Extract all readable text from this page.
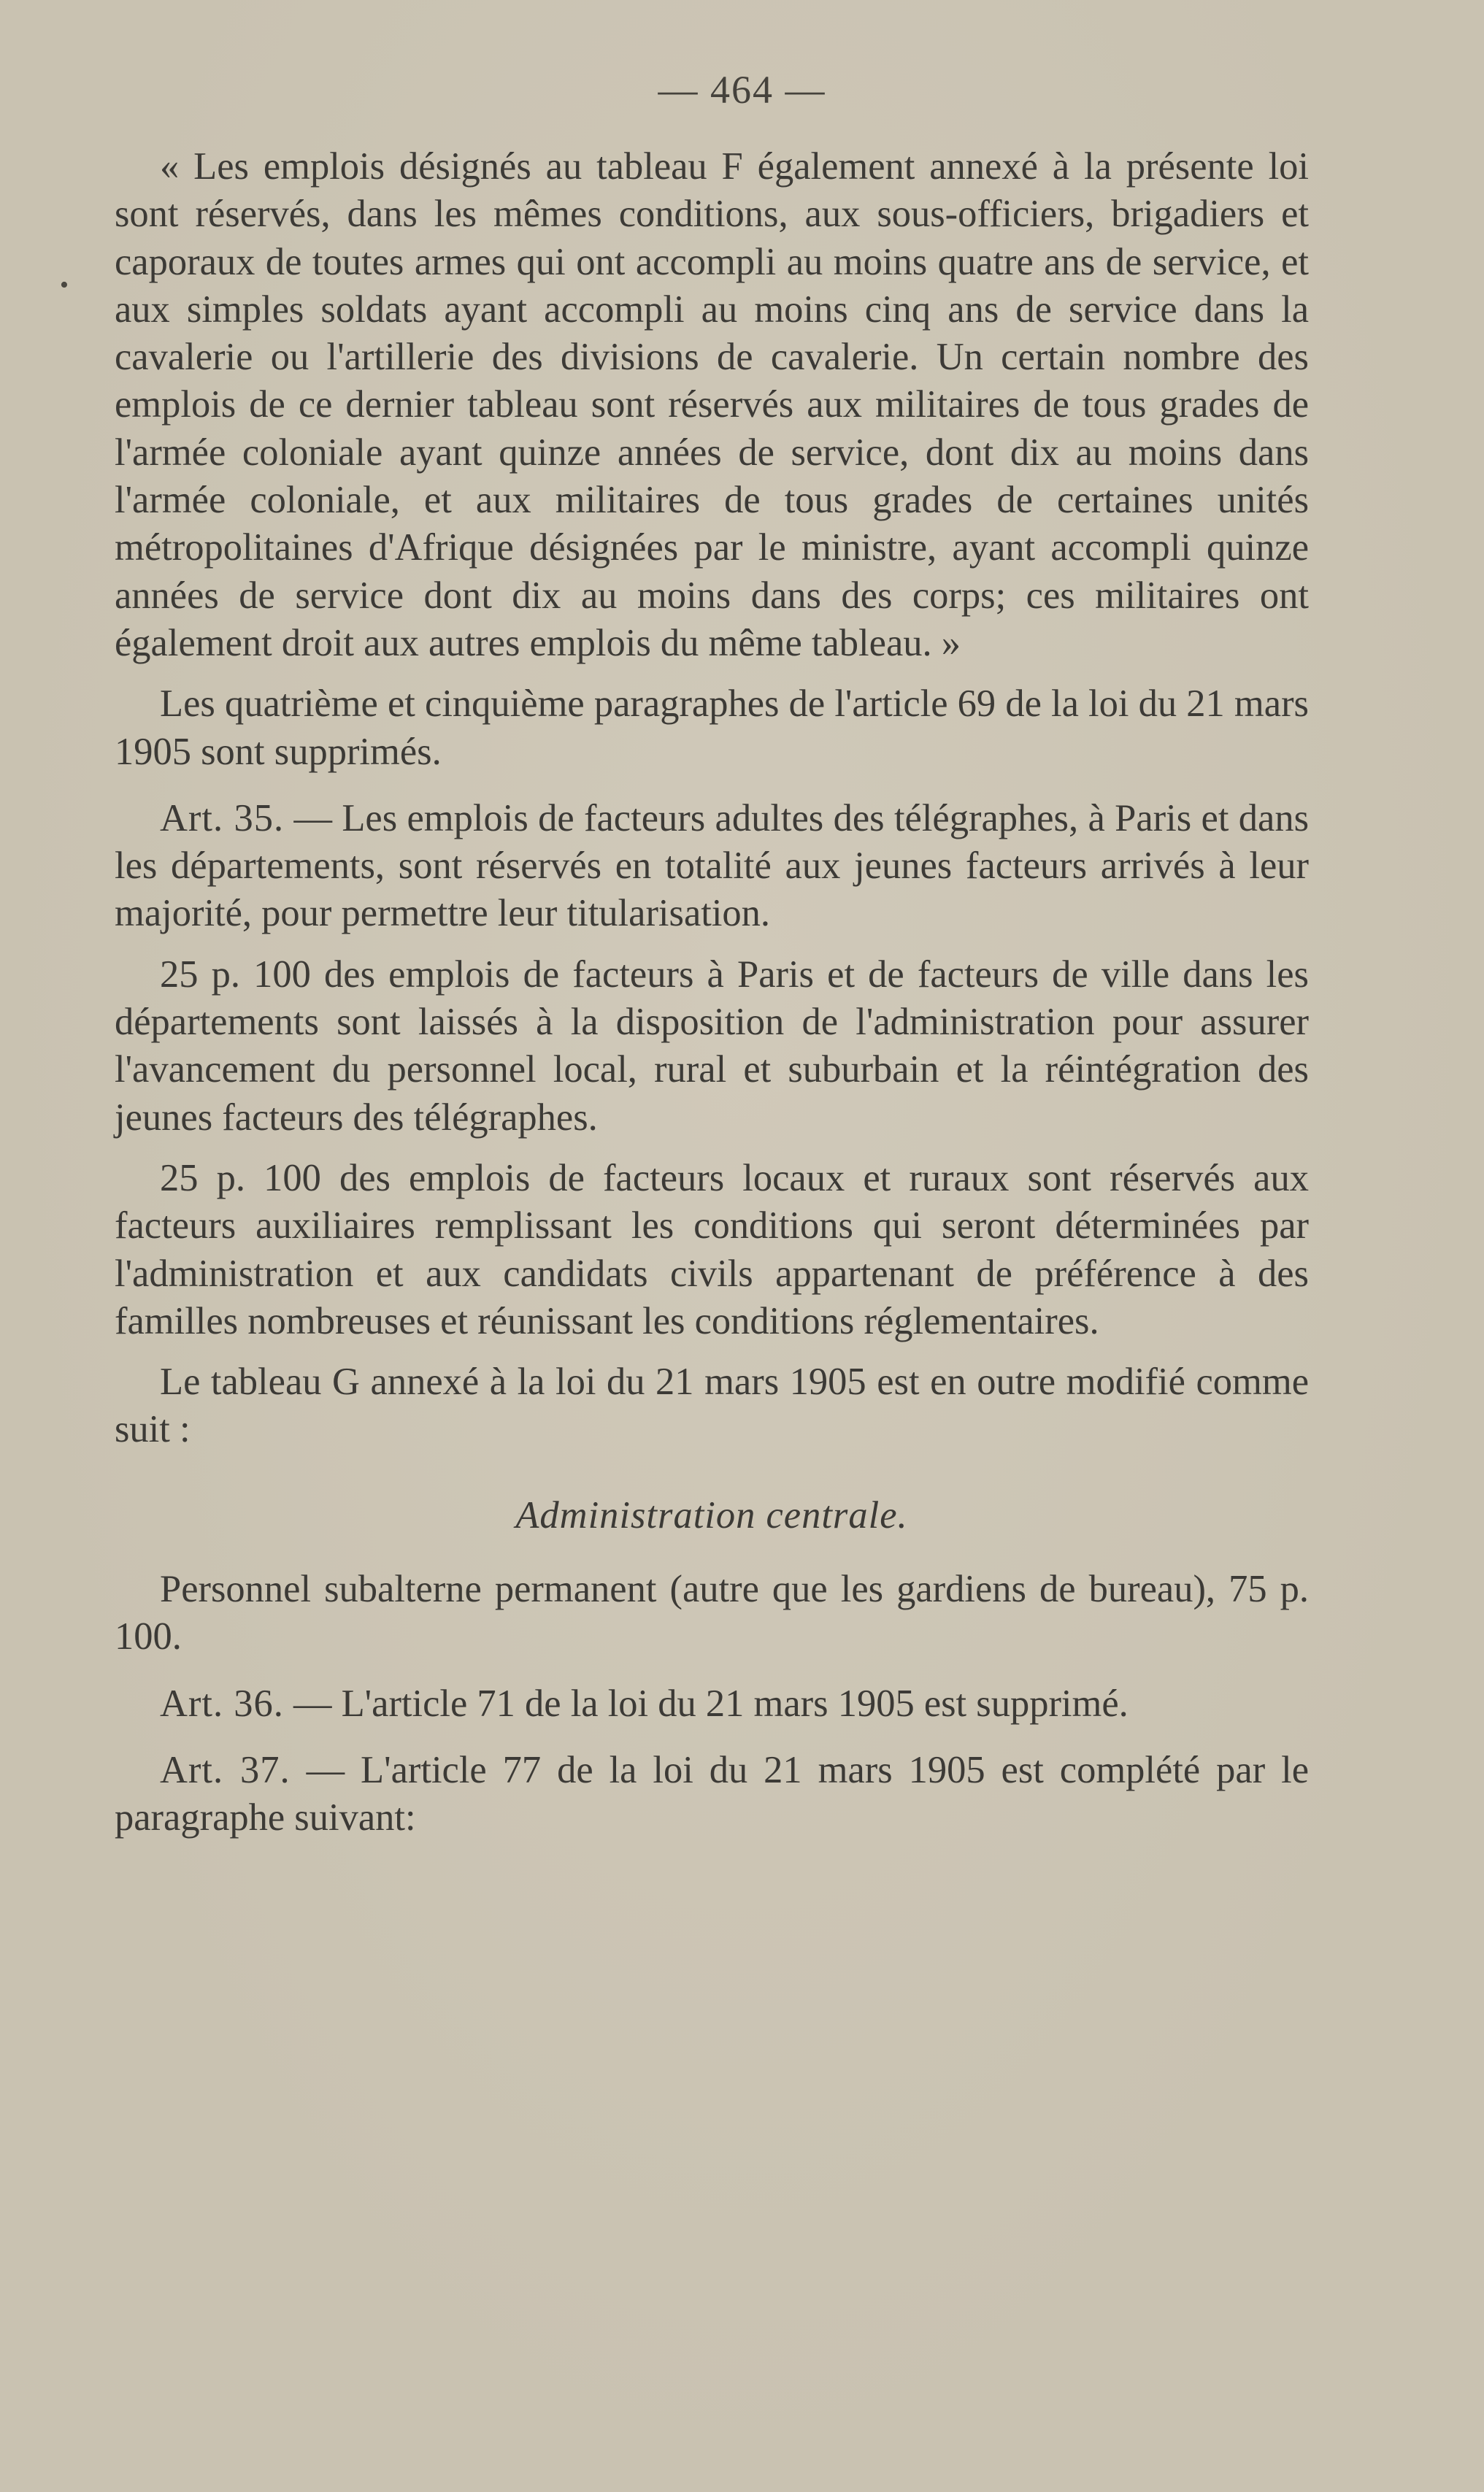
— 464 —
•

« Les emplois désignés au tableau F également annexé à la présente loi sont réservés, dans les mêmes conditions, aux sous-officiers, brigadiers et caporaux de toutes armes qui ont accompli au moins quatre ans de service, et aux simples soldats ayant accompli au moins cinq ans de service dans la cavalerie ou l'artillerie des divisions de cavalerie. Un certain nombre des emplois de ce dernier tableau sont réservés aux militaires de tous grades de l'armée coloniale ayant quinze années de service, dont dix au moins dans l'armée coloniale, et aux militaires de tous grades de certaines unités métropolitaines d'Afrique désignées par le ministre, ayant accompli quinze années de service dont dix au moins dans des corps; ces militaires ont également droit aux autres emplois du même tableau. »

Les quatrième et cinquième paragraphes de l'article 69 de la loi du 21 mars 1905 sont supprimés.

Art. 35. — Les emplois de facteurs adultes des télégraphes, à Paris et dans les départements, sont réservés en totalité aux jeunes facteurs arrivés à leur majorité, pour permettre leur titularisation.

25 p. 100 des emplois de facteurs à Paris et de facteurs de ville dans les départements sont laissés à la disposition de l'administration pour assurer l'avancement du personnel local, rural et suburbain et la réintégration des jeunes facteurs des télégraphes.

25 p. 100 des emplois de facteurs locaux et ruraux sont réservés aux facteurs auxiliaires remplissant les conditions qui seront déterminées par l'administration et aux candidats civils appartenant de préférence à des familles nombreuses et réunissant les conditions réglementaires.

Le tableau G annexé à la loi du 21 mars 1905 est en outre modifié comme suit :

Administration centrale.

Personnel subalterne permanent (autre que les gardiens de bureau), 75 p. 100.

Art. 36. — L'article 71 de la loi du 21 mars 1905 est supprimé.

Art. 37. — L'article 77 de la loi du 21 mars 1905 est complété par le paragraphe suivant:
